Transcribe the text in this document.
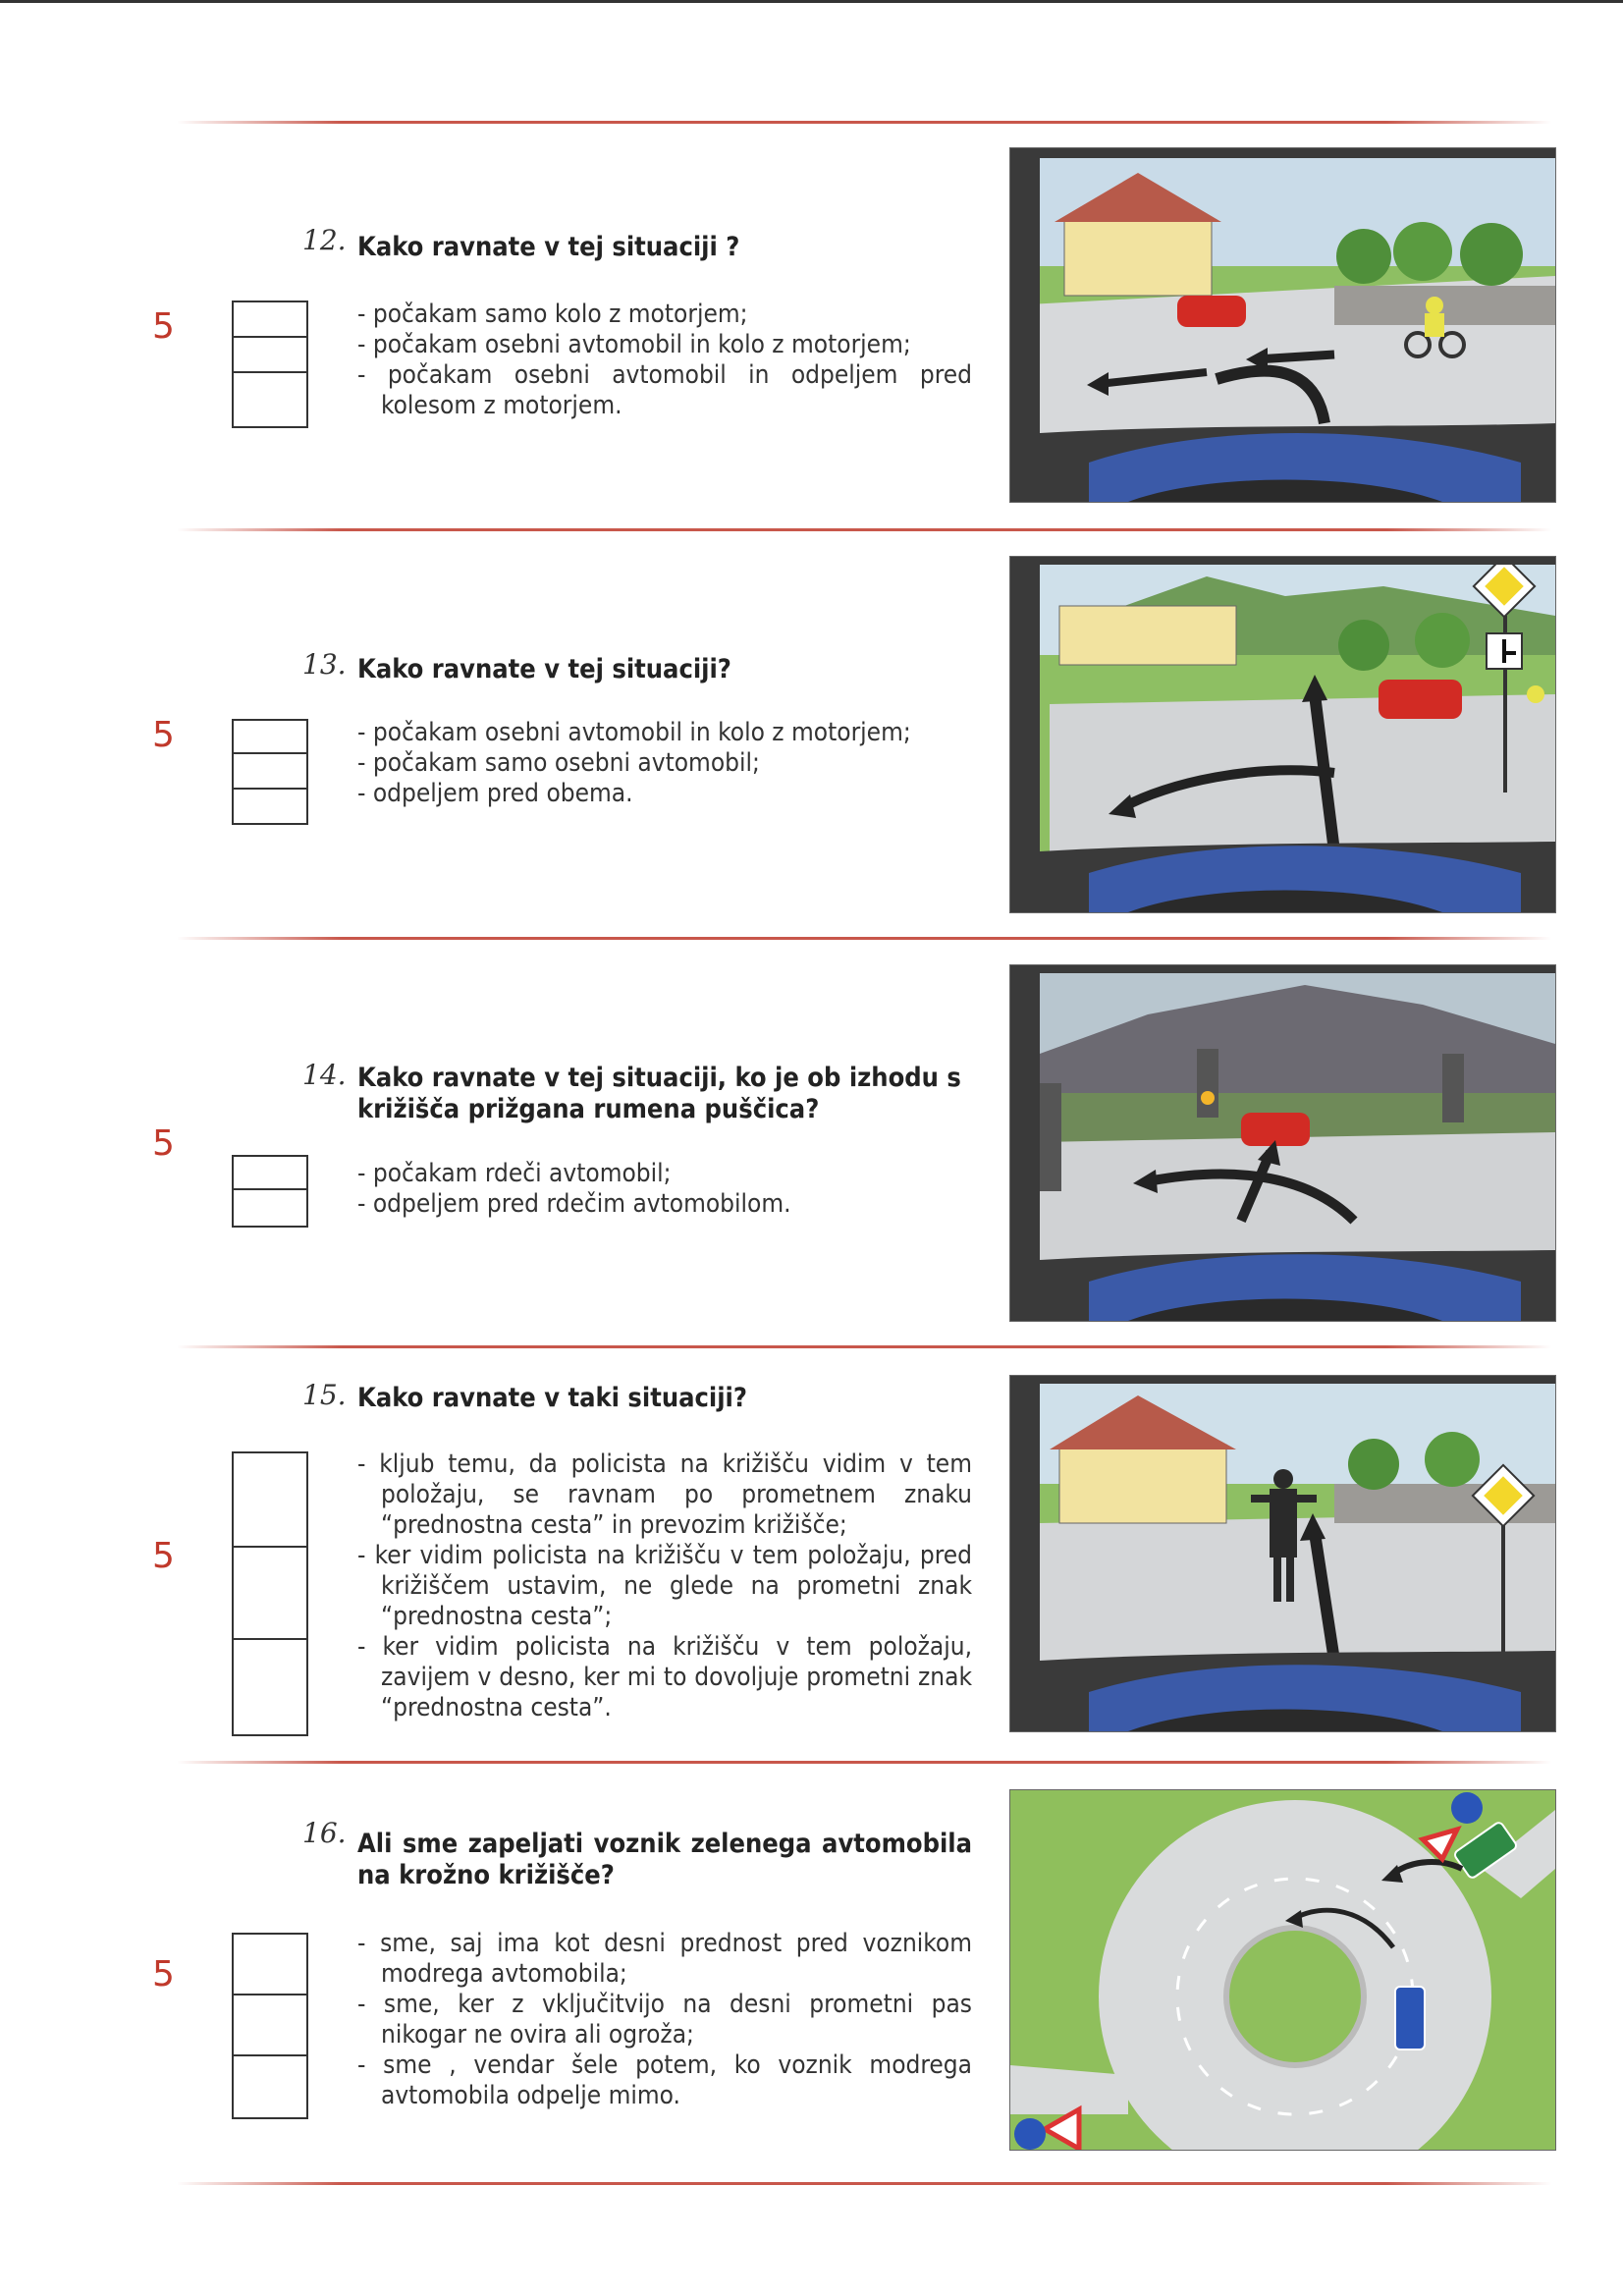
5
12. Kako ravnate v tej situaciji ?
- počakam samo kolo z motorjem;
- počakam osebni avtomobil in kolo z motorjem;
- počakam osebni avtomobil in odpeljem pred kolesom z motorjem.
5
13. Kako ravnate v tej situaciji?
- počakam osebni avtomobil in kolo z motorjem;
- počakam samo osebni avtomobil;
- odpeljem pred obema.
5
14. Kako ravnate v tej situaciji, ko je ob izhodu s križišča prižgana rumena puščica?
- počakam rdeči avtomobil;
- odpeljem pred rdečim avtomobilom.
5
15. Kako ravnate v taki situaciji?
- kljub temu, da policista na križišču vidim v tem položaju, se ravnam po prometnem znaku “prednostna cesta” in prevozim križišče;
- ker vidim policista na križišču v tem položaju, pred križiščem ustavim, ne glede na prometni znak “prednostna cesta”;
- ker vidim policista na križišču v tem položaju, zavijem v desno, ker mi to dovoljuje prometni znak “prednostna cesta”.
5
16. Ali sme zapeljati voznik zelenega avtomobila na krožno križišče?
- sme, saj ima kot desni prednost pred voznikom modrega avtomobila;
- sme, ker z vključitvijo na desni prometni pas nikogar ne ovira ali ogroža;
- sme , vendar šele potem, ko voznik modrega avtomobila odpelje mimo.
